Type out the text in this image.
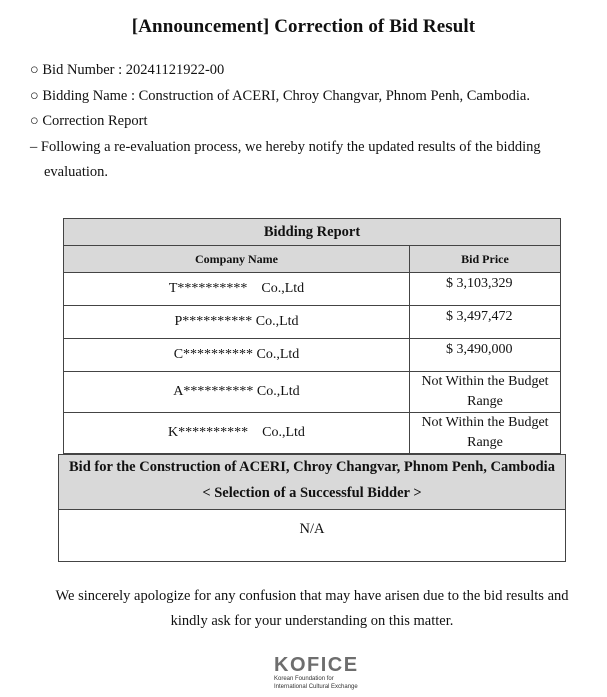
[Announcement] Correction of Bid Result
○ Bid Number : 20241121922-00
○ Bidding Name : Construction of ACERI, Chroy Changvar, Phnom Penh, Cambodia.
○ Correction Report
– Following a re-evaluation process, we hereby notify the updated results of the bidding
evaluation.
Bidding Report	
Company Name	Bid Price
T**********    Co.,Ltd	$ 3,103,329
P********** Co.,Ltd	$ 3,497,472
C********** Co.,Ltd	$ 3,490,000
A********** Co.,Ltd	Not Within the Budget
Range
K**********    Co.,Ltd	Not Within the Budget
Range
Bid for the Construction of ACERI, Chroy Changvar, Phnom Penh, Cambodia
< Selection of a Successful Bidder >

N/A
We sincerely apologize for any confusion that may have arisen due to the bid results and
kindly ask for your understanding on this matter.
KOFICE
Korean Foundation for
International Cultural Exchange
